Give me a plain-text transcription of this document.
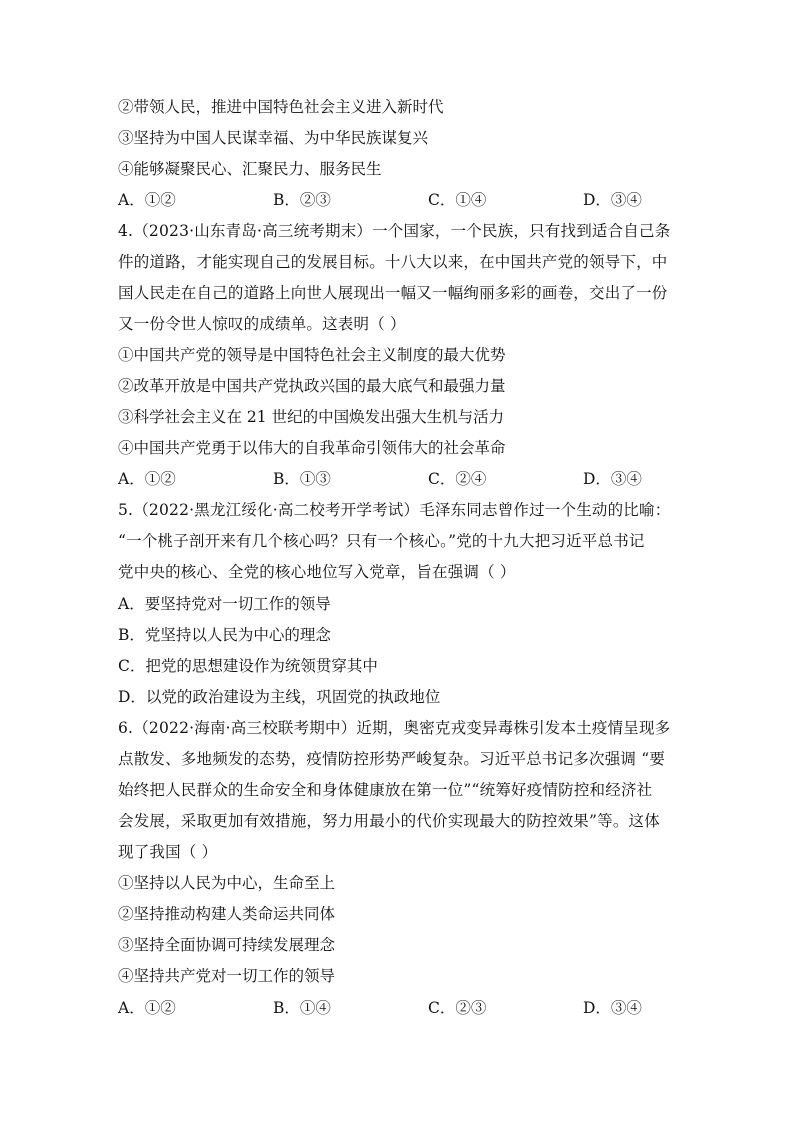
②带领人民，推进中国特色社会主义进入新时代
③坚持为中国人民谋幸福、为中华民族谋复兴
④能够凝聚民心、汇聚民力、服务民生
A．①②	B．②③	C．①④	D．③④
4.（2023·山东青岛·高三统考期末）一个国家，一个民族，只有找到适合自己条
件的道路，才能实现自己的发展目标。十八大以来，在中国共产党的领导下，中
国人民走在自己的道路上向世人展现出一幅又一幅绚丽多彩的画卷，交出了一份
又一份令世人惊叹的成绩单。这表明（ ）
①中国共产党的领导是中国特色社会主义制度的最大优势
②改革开放是中国共产党执政兴国的最大底气和最强力量
③科学社会主义在 21 世纪的中国焕发出强大生机与活力
④中国共产党勇于以伟大的自我革命引领伟大的社会革命
A．①②	B．①③	C．②④	D．③④
5.（2022·黑龙江绥化·高二校考开学考试）毛泽东同志曾作过一个生动的比喻：
“一个桃子剖开来有几个核心吗？只有一个核心。”党的十九大把习近平总书记
党中央的核心、全党的核心地位写入党章，旨在强调（ ）
A．要坚持党对一切工作的领导
B．党坚持以人民为中心的理念
C．把党的思想建设作为统领贯穿其中
D．以党的政治建设为主线，巩固党的执政地位
6.（2022·海南·高三校联考期中）近期，奥密克戎变异毒株引发本土疫情呈现多
点散发、多地频发的态势，疫情防控形势严峻复杂。习近平总书记多次强调 “要
始终把人民群众的生命安全和身体健康放在第一位”“统筹好疫情防控和经济社
会发展，采取更加有效措施，努力用最小的代价实现最大的防控效果”等。这体
现了我国（ ）
①坚持以人民为中心，生命至上
②坚持推动构建人类命运共同体
③坚持全面协调可持续发展理念
④坚持共产党对一切工作的领导
A．①②	B．①④	C．②③	D．③④
